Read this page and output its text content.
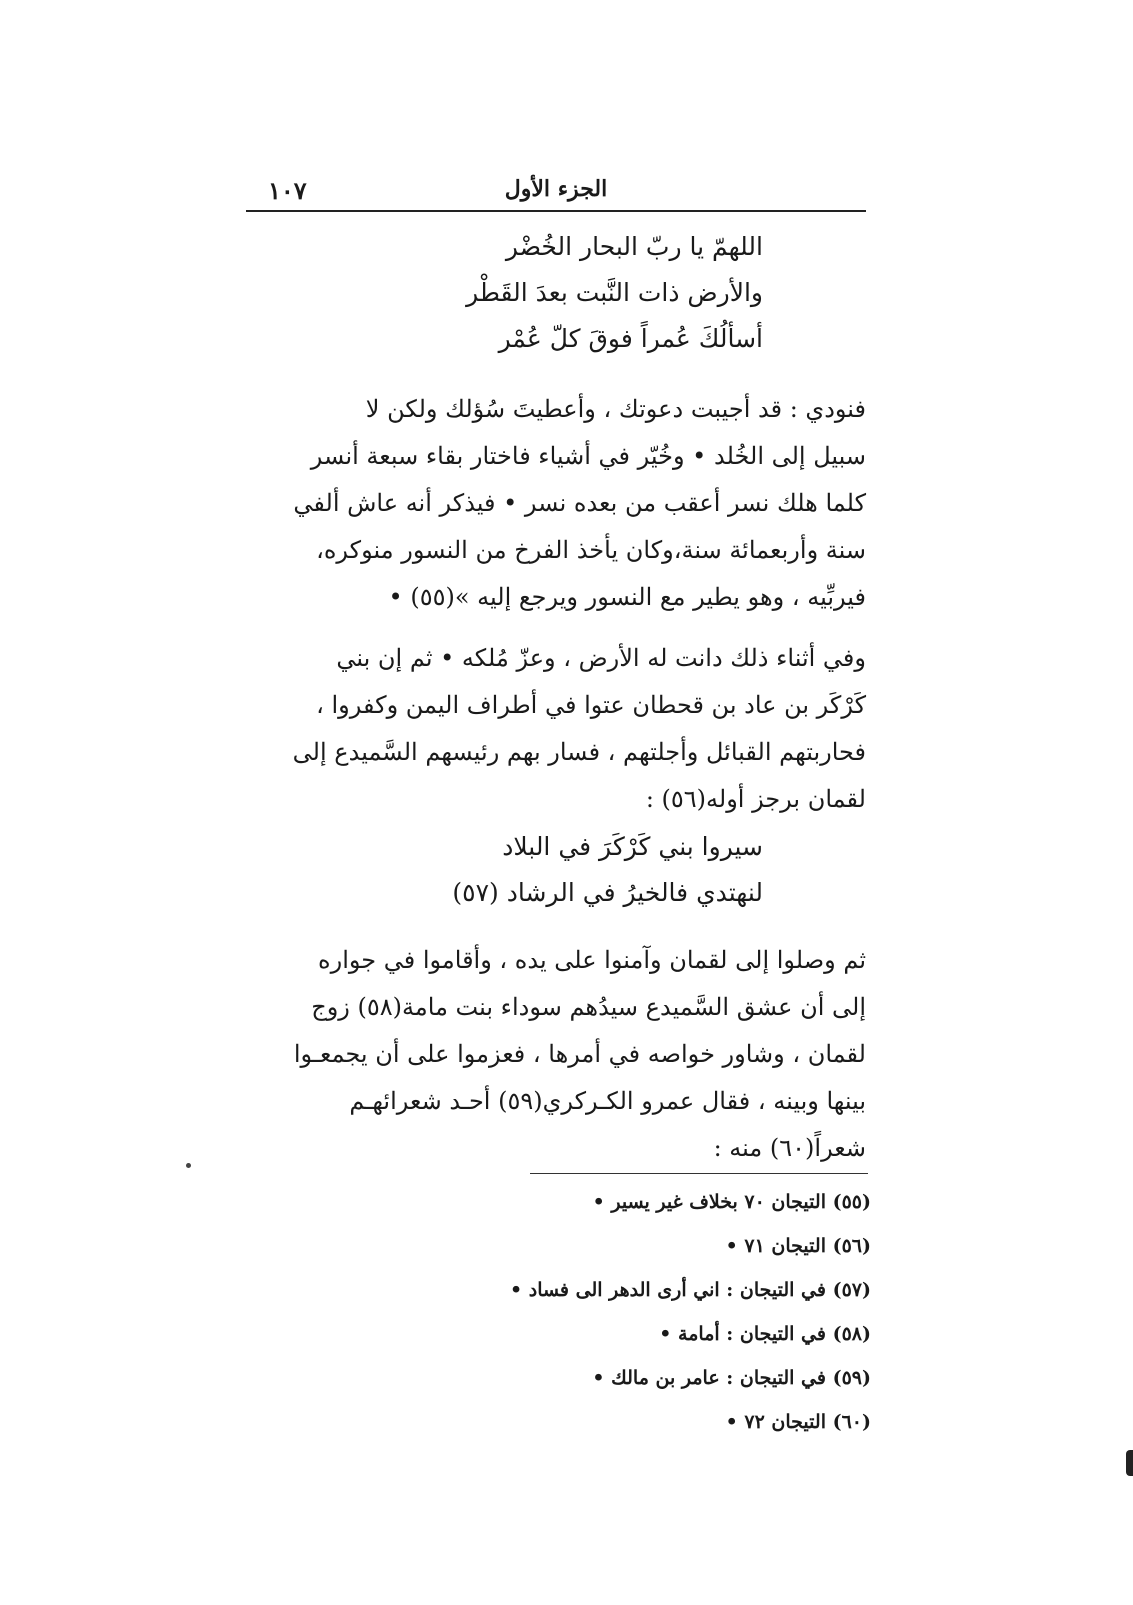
١٠٧	الجزء الأول
اللهمّ يا ربّ البحار الخُضْر
والأرض ذات النَّبت بعدَ القَطْر
أسألُكَ عُمراً فوقَ كلّ عُمْر
فنودي : قد أجيبت دعوتك ، وأعطيتَ سُؤلك ولكن لا
سبيل إلى الخُلد • وخُيّر في أشياء فاختار بقاء سبعة أنسر
كلما هلك نسر أعقب من بعده نسر • فيذكر أنه عاش ألفي
سنة وأربعمائة سنة،وكان يأخذ الفرخ من النسور منوكره،
فيربِّيه ، وهو يطير مع النسور ويرجع إليه »(٥٥) •
وفي أثناء ذلك دانت له الأرض ، وعزّ مُلكه • ثم إن بني
كَرْكَر بن عاد بن قحطان عتوا في أطراف اليمن وكفروا ،
فحاربتهم القبائل وأجلتهم ، فسار بهم رئيسهم السَّميدع إلى
لقمان برجز أوله(٥٦) :
سيروا بني كَرْكَرَ في البلاد
لنهتدي فالخيرُ في الرشاد (٥٧)
ثم وصلوا إلى لقمان وآمنوا على يده ، وأقاموا في جواره
إلى أن عشق السَّميدع سيدُهم سوداء بنت مامة(٥٨) زوج
لقمان ، وشاور خواصه في أمرها ، فعزموا على أن يجمعـوا
بينها وبينه ، فقال عمرو الكـركري(٥٩) أحـد شعرائهـم
شعراً(٦٠) منه :
(٥٥) التيجان ٧٠ بخلاف غير يسير •
(٥٦) التيجان ٧١ •
(٥٧) في التيجان : اني أرى الدهر الى فساد •
(٥٨) في التيجان : أمامة •
(٥٩) في التيجان : عامر بن مالك •
(٦٠) التيجان ٧٢ •
